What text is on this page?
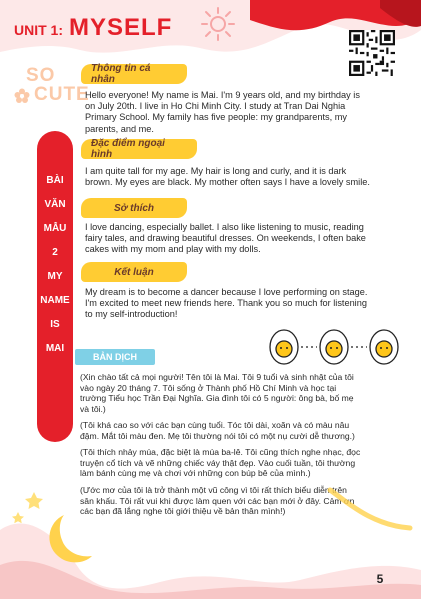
UNIT 1: MYSELF
SO
CUTE
BÀI
VĂN
MẪU
2
MY
NAME
IS
MAI
Thông tin cá nhân
Hello everyone! My name is Mai. I'm 9 years old, and my birthday is
on July 20th. I live in Ho Chi Minh City. I study at Tran Dai Nghia
Primary School. My family has five people: my grandparents, my
parents, and me.
Đặc điểm ngoại hình
I am quite tall for my age. My hair is long and curly, and it is dark
brown. My eyes are black. My mother often says I have a lovely smile.
Sở thích
I love dancing, especially ballet. I also like listening to music, reading
fairy tales, and drawing beautiful dresses. On weekends, I often bake
cakes with my mom and play with my dolls.
Kết luận
My dream is to become a dancer because I love performing on stage.
I'm excited to meet new friends here. Thank you so much for listening
to my self-introduction!
BẢN DỊCH
(Xin chào tất cả mọi người! Tên tôi là Mai. Tôi 9 tuổi và sinh nhật của tôi
vào ngày 20 tháng 7. Tôi sống ở Thành phố Hồ Chí Minh và học tại
trường Tiểu học Trần Đại Nghĩa. Gia đình tôi có 5 người: ông bà, bố mẹ
và tôi.)
(Tôi khá cao so với các bạn cùng tuổi. Tóc tôi dài, xoăn và có màu nâu
đậm. Mắt tôi màu đen. Mẹ tôi thường nói tôi có một nụ cười dễ thương.)
(Tôi thích nhảy múa, đặc biệt là múa ba-lê. Tôi cũng thích nghe nhạc, đọc
truyện cổ tích và vẽ những chiếc váy thật đẹp. Vào cuối tuần, tôi thường
làm bánh cùng mẹ và chơi với những con búp bê của mình.)
(Ước mơ của tôi là trở thành một vũ công vì tôi rất thích biểu diễn trên
sân khấu. Tôi rất vui khi được làm quen với các bạn mới ở đây. Cảm ơn
các bạn đã lắng nghe tôi giới thiệu về bản thân mình!)
5
